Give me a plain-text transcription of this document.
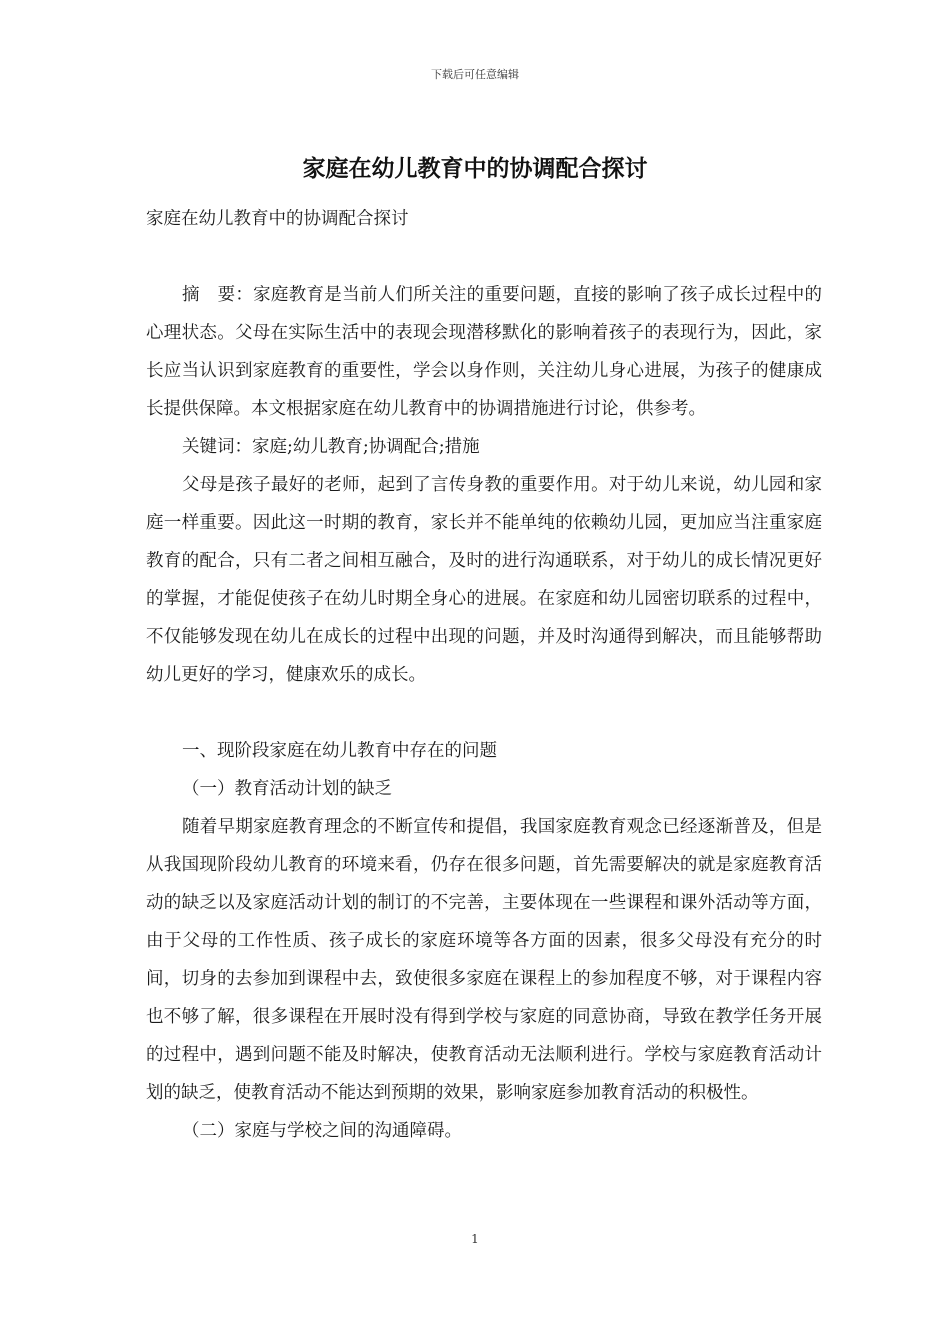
下载后可任意编辑
家庭在幼儿教育中的协调配合探讨

家庭在幼儿教育中的协调配合探讨

摘　要：家庭教育是当前人们所关注的重要问题，直接的影响了孩子成长过程中的心理状态。父母在实际生活中的表现会现潜移默化的影响着孩子的表现行为，因此，家长应当认识到家庭教育的重要性，学会以身作则，关注幼儿身心进展，为孩子的健康成长提供保障。本文根据家庭在幼儿教育中的协调措施进行讨论，供参考。

关键词：家庭;幼儿教育;协调配合;措施

父母是孩子最好的老师，起到了言传身教的重要作用。对于幼儿来说，幼儿园和家庭一样重要。因此这一时期的教育，家长并不能单纯的依赖幼儿园，更加应当注重家庭教育的配合，只有二者之间相互融合，及时的进行沟通联系，对于幼儿的成长情况更好的掌握，才能促使孩子在幼儿时期全身心的进展。在家庭和幼儿园密切联系的过程中，不仅能够发现在幼儿在成长的过程中出现的问题，并及时沟通得到解决，而且能够帮助幼儿更好的学习，健康欢乐的成长。

一、现阶段家庭在幼儿教育中存在的问题

（一）教育活动计划的缺乏

随着早期家庭教育理念的不断宣传和提倡，我国家庭教育观念已经逐渐普及，但是从我国现阶段幼儿教育的环境来看，仍存在很多问题，首先需要解决的就是家庭教育活动的缺乏以及家庭活动计划的制订的不完善，主要体现在一些课程和课外活动等方面，由于父母的工作性质、孩子成长的家庭环境等各方面的因素，很多父母没有充分的时间，切身的去参加到课程中去，致使很多家庭在课程上的参加程度不够，对于课程内容也不够了解，很多课程在开展时没有得到学校与家庭的同意协商，导致在教学任务开展的过程中，遇到问题不能及时解决，使教育活动无法顺利进行。学校与家庭教育活动计划的缺乏，使教育活动不能达到预期的效果，影响家庭参加教育活动的积极性。

（二）家庭与学校之间的沟通障碍。

1
